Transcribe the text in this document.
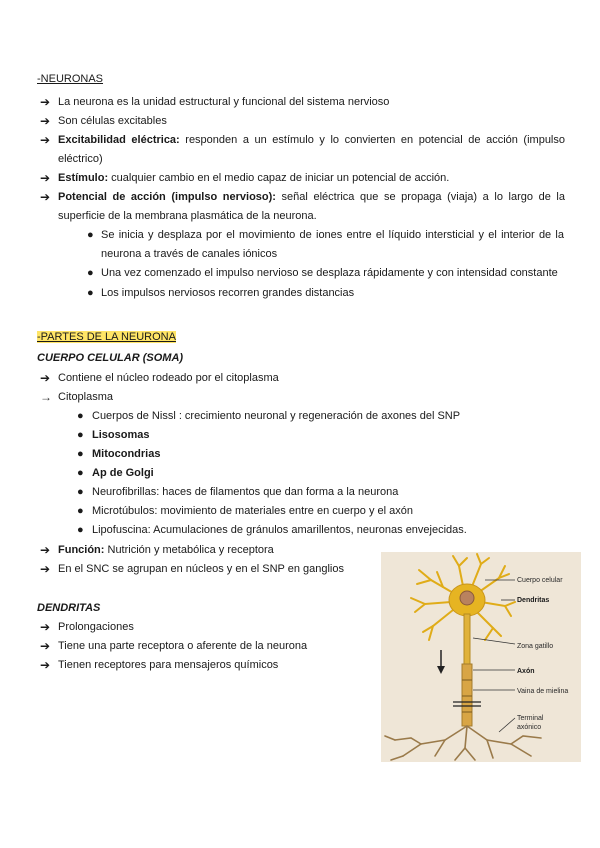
-NEURONAS
➔ La neurona es la unidad estructural y funcional del sistema nervioso
➔ Son células excitables
➔ Excitabilidad eléctrica: responden a un estímulo y lo convierten en potencial de acción (impulso eléctrico)
➔ Estímulo: cualquier cambio en el medio capaz de iniciar un potencial de acción.
➔ Potencial de acción (impulso nervioso): señal eléctrica que se propaga (viaja) a lo largo de la superficie de la membrana plasmática de la neurona.
● Se inicia y desplaza por el movimiento de iones entre el líquido intersticial y el interior de la neurona a través de canales iónicos
● Una vez comenzado el impulso nervioso se desplaza rápidamente y con intensidad constante
● Los impulsos nerviosos recorren grandes distancias
-PARTES DE LA NEURONA
CUERPO CELULAR (SOMA)
➔ Contiene el núcleo rodeado por el citoplasma
→ Citoplasma
● Cuerpos de Nissl : crecimiento neuronal y regeneración de axones del SNP
● Lisosomas
● Mitocondrias
● Ap de Golgi
● Neurofibrillas: haces de filamentos que dan forma a la neurona
● Microtúbulos: movimiento de materiales entre en cuerpo y el axón
● Lipofuscina: Acumulaciones de gránulos amarillentos, neuronas envejecidas.
➔ Función: Nutrición y metabólica y receptora
➔ En el SNC se agrupan en núcleos y en el SNP en ganglios
DENDRITAS
➔ Prolongaciones
➔ Tiene una parte receptora o aferente de la neurona
➔ Tienen receptores para mensajeros químicos
Cuerpo celular
Dendritas
Zona gatillo
Axón
Vaina de mielina
Terminal
axónico
